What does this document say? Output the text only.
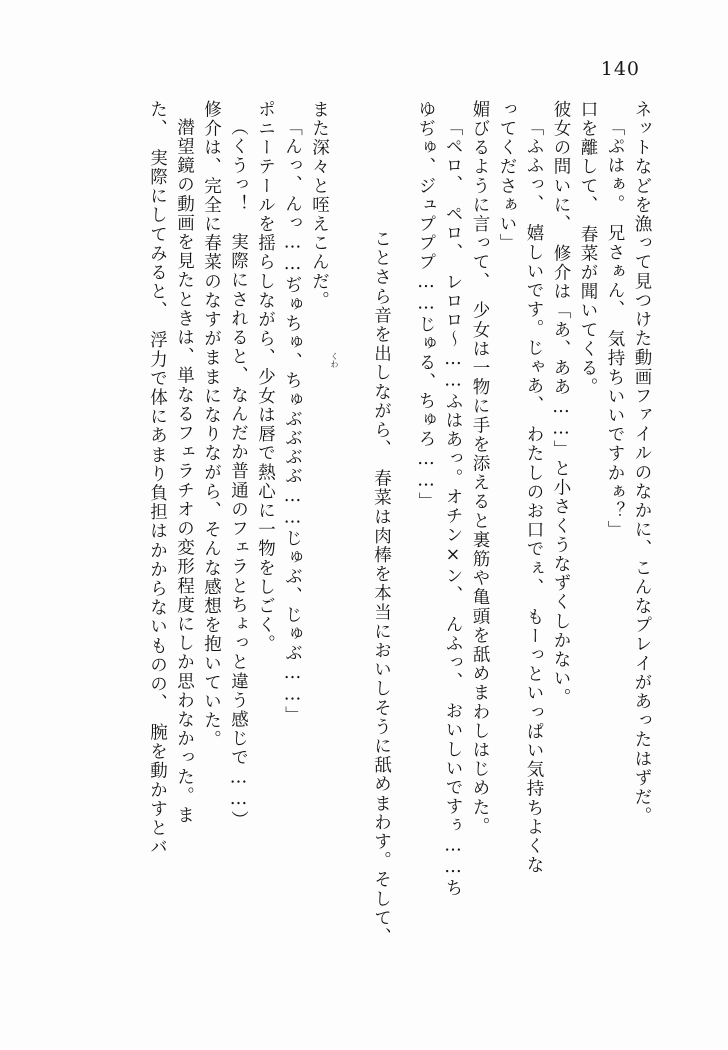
140
ネットなどを漁って見つけた動画ファイルのなかに、こんなプレイがあったはずだ。
「ぷはぁ。　兄さぁん、　気持ちいいですかぁ？」
口を離して、　春菜が聞いてくる。
彼女の問いに、　修介は「あ、ああ……」と小さくうなずくしかない。
「ふふっ、　嬉しいです。じゃあ、　わたしのお口でぇ、　もーっといっぱい気持ちよくな
ってくださぁい」
媚びるように言って、　少女は一物に手を添えると裏筋や亀頭を舐めまわしはじめた。
「ペロ、　ペロ、　レロロ〜……ふはあっ。オチン×ン、　んふっ、　おいしいですぅ……ち
ゆぢゅ、ジュプププ……じゅる、ちゅろ……」

ことさら音を出しながら、　春菜は肉棒を本当においしそうに舐めまわす。そして、

くわ

また深々と咥えこんだ。
「んっ、んっ……ぢゅちゅ、ちゅぶぶぶぶ……じゅぶ、じゅぶ……」
ポニーテールを揺らしながら、少女は唇で熱心に一物をしごく。
（くうっ！　実際にされると、なんだか普通のフェラとちょっと違う感じで……）
修介は、完全に春菜のなすがままになりながら、そんな感想を抱いていた。
潜望鏡の動画を見たときは、単なるフェラチオの変形程度にしか思わなかった。ま
た、　実際にしてみると、　浮力で体にあまり負担はかからないものの、　腕を動かすとバ
